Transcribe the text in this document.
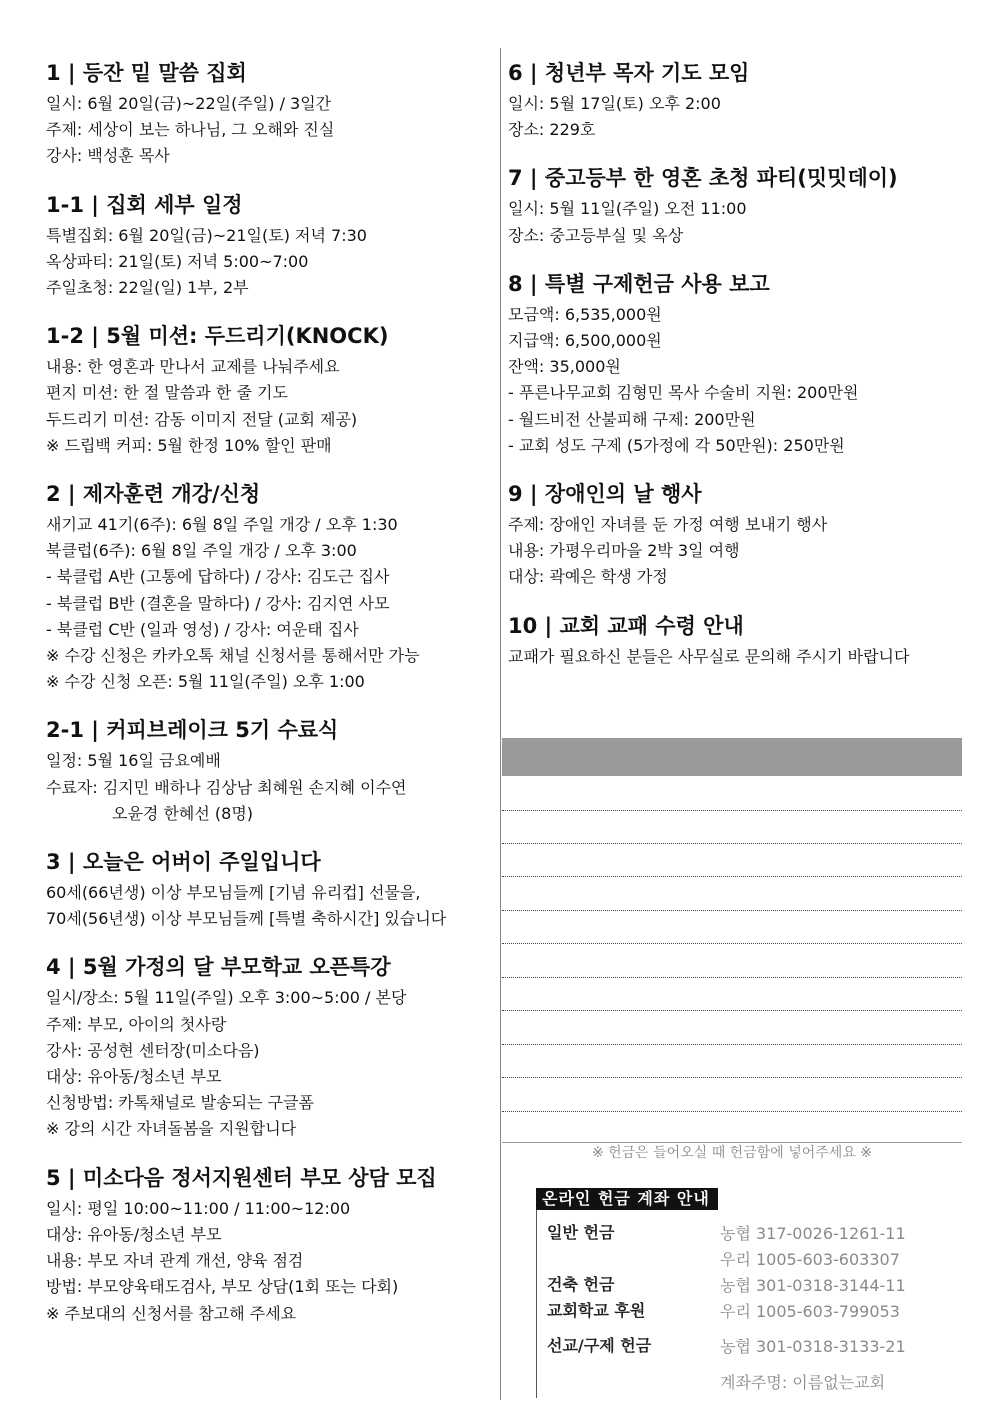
1 | 등잔 밑 말씀 집회
일시: 6월 20일(금)~22일(주일) / 3일간
주제: 세상이 보는 하나님, 그 오해와 진실
강사: 백성훈 목사
1-1 | 집회 세부 일정
특별집회: 6월 20일(금)~21일(토) 저녁 7:30
옥상파티: 21일(토) 저녁 5:00~7:00
주일초청: 22일(일) 1부, 2부
1-2 | 5월 미션: 두드리기(KNOCK)
내용: 한 영혼과 만나서 교제를 나눠주세요
편지 미션: 한 절 말씀과 한 줄 기도
두드리기 미션: 감동 이미지 전달 (교회 제공)
※ 드립백 커피: 5월 한정 10% 할인 판매
2 | 제자훈련 개강/신청
새기교 41기(6주): 6월 8일 주일 개강 / 오후 1:30
북클럽(6주): 6월 8일 주일 개강 / 오후 3:00
- 북클럽 A반 (고통에 답하다) / 강사: 김도근 집사
- 북클럽 B반 (결혼을 말하다) / 강사: 김지연 사모
- 북클럽 C반 (일과 영성) / 강사: 여운태 집사
※ 수강 신청은 카카오톡 채널 신청서를 통해서만 가능
※ 수강 신청 오픈: 5월 11일(주일) 오후 1:00
2-1 | 커피브레이크 5기 수료식
일정: 5월 16일 금요예배
수료자: 김지민 배하나 김상남 최혜원 손지혜 이수연
오윤경 한혜선 (8명)
3 | 오늘은 어버이 주일입니다
60세(66년생) 이상 부모님들께 [기념 유리컵] 선물을,
70세(56년생) 이상 부모님들께 [특별 축하시간] 있습니다
4 | 5월 가정의 달 부모학교 오픈특강
일시/장소: 5월 11일(주일) 오후 3:00~5:00 / 본당
주제: 부모, 아이의 첫사랑
강사: 공성현 센터장(미소다음)
대상: 유아동/청소년 부모
신청방법: 카톡채널로 발송되는 구글폼
※ 강의 시간 자녀돌봄을 지원합니다
5 | 미소다음 정서지원센터 부모 상담 모집
일시: 평일 10:00~11:00 / 11:00~12:00
대상: 유아동/청소년 부모
내용: 부모 자녀 관계 개선, 양육 점검
방법: 부모양육태도검사, 부모 상담(1회 또는 다회)
※ 주보대의 신청서를 참고해 주세요
6 | 청년부 목자 기도 모임
일시: 5월 17일(토) 오후 2:00
장소: 229호
7 | 중고등부 한 영혼 초청 파티(밋밋데이)
일시: 5월 11일(주일) 오전 11:00
장소: 중고등부실 및 옥상
8 | 특별 구제헌금 사용 보고
모금액: 6,535,000원
지급액: 6,500,000원
잔액: 35,000원
- 푸른나무교회 김형민 목사 수술비 지원: 200만원
- 월드비전 산불피해 구제: 200만원
- 교회 성도 구제 (5가정에 각 50만원): 250만원
9 | 장애인의 날 행사
주제: 장애인 자녀를 둔 가정 여행 보내기 행사
내용: 가평우리마을 2박 3일 여행
대상: 곽예은 학생 가정
10 | 교회 교패 수령 안내
교패가 필요하신 분들은 사무실로 문의해 주시기 바랍니다
※ 헌금은 들어오실 때 헌금함에 넣어주세요 ※
온라인 헌금 계좌 안내
일반 헌금	농협 317-0026-1261-11
우리 1005-603-603307
건축 헌금	농협 301-0318-3144-11
교회학교 후원	우리 1005-603-799053
선교/구제 헌금	농협 301-0318-3133-21
계좌주명: 이름없는교회
